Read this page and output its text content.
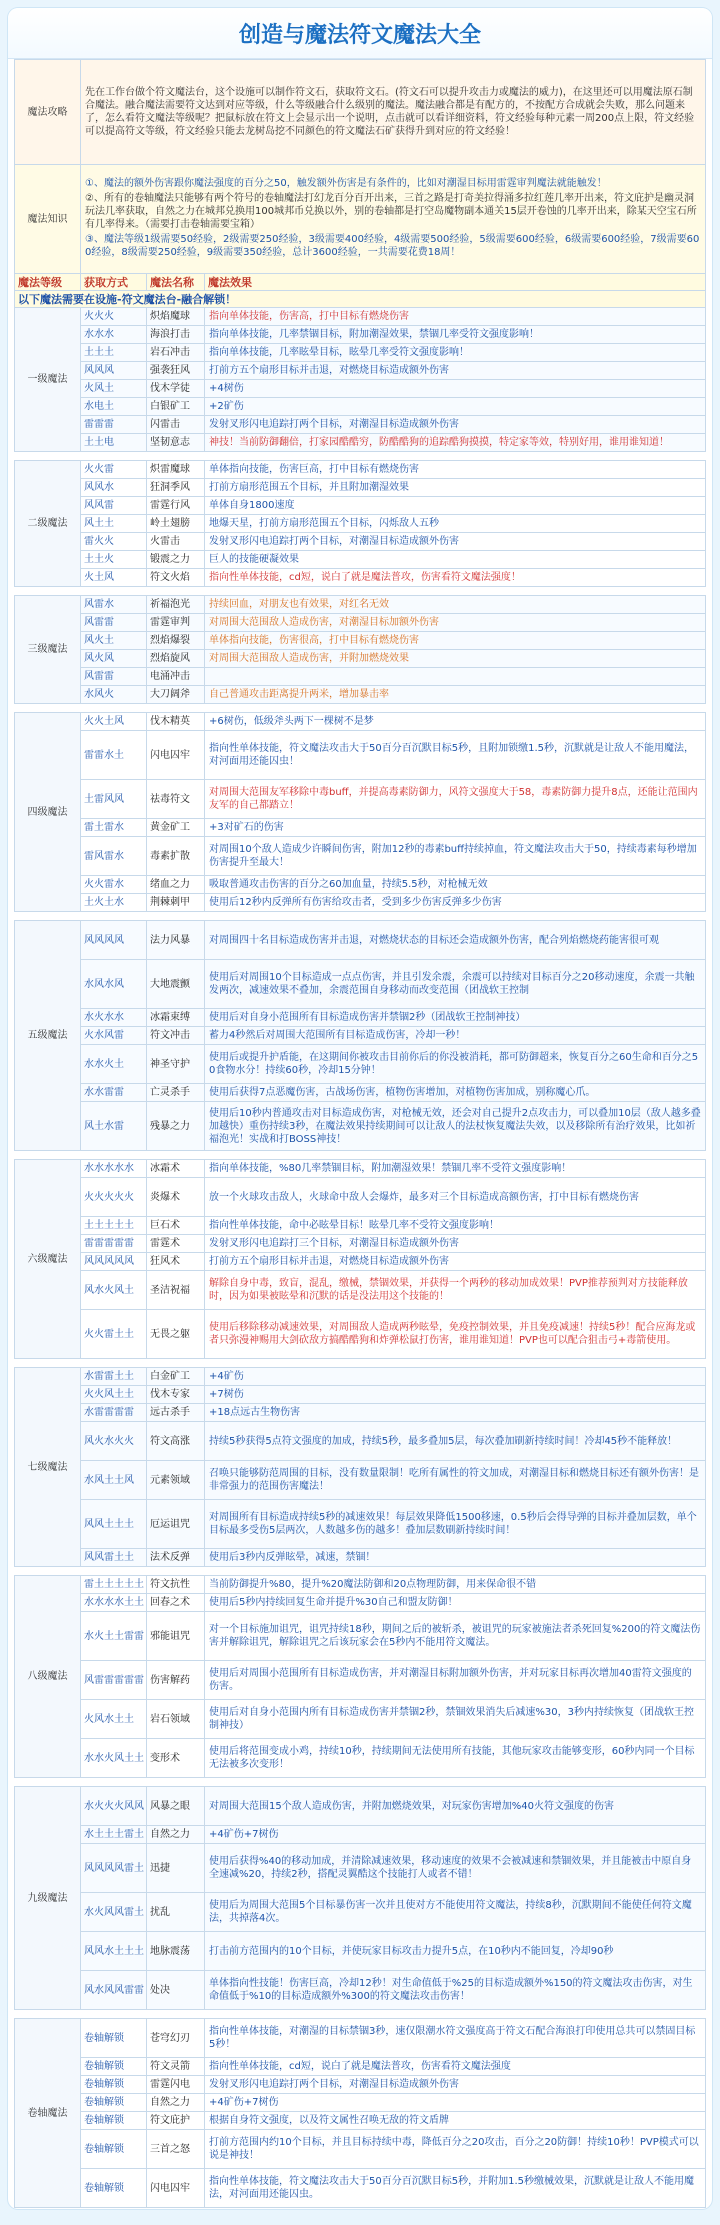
创造与魔法符文魔法大全
魔法攻略	先在工作台做个符文魔法台，这个设施可以制作符文石，获取符文石。(符文石可以提升攻击力或魔法的威力)，在这里还可以用魔法原石制合魔法。融合魔法需要符文达到对应等级，什么等级融合什么级别的魔法。魔法融合都是有配方的，不按配方合成就会失败，那么问题来了，怎么看符文魔法等级呢？把鼠标放在符文上会显示出一个说明，点击就可以看详细资料，符文经验每种元素一周200点上限，符文经验可以提高符文等级，符文经验只能去龙树岛挖不同颜色的符文魔法石矿获得升到对应的符文经验！		
魔法知识	①、魔法的额外伤害跟你魔法强度的百分之50，触发额外伤害是有条件的，比如对潮湿目标用雷霆审判魔法就能触发！
②、所有的卷轴魔法只能够有两个符号的卷轴魔法打幻龙百分百开出来，三首之路是打奇美拉得涌多拉红莲几率开出来，符文庇护是幽灵洞玩法几率获取，自然之力在城邦兑换用100城邦币兑换以外，别的卷轴都是打空岛魔物副本通关15层开卷蚀的几率开出来，除某天空宝石所有几率得来。（需要打击卷轴需要宝箱）
③、魔法等级1级需要50经验，2级需要250经验，3级需要400经验，4级需要500经验，5级需要600经验，6级需要600经验，7级需要600经验，8级需要250经验，9级需要350经验，总计3600经验，一共需要花费18周！		

魔法等级	获取方式	魔法名称	魔法效果
以下魔法需要在设施-符文魔法台-融合解锁！			
一级魔法	火火火	炽焰魔球	指向单体技能，伤害高，打中目标有燃烧伤害
	水水水	海浪打击	指向单体技能，几率禁锢目标，附加潮湿效果，禁锢几率受符文强度影响！
	土土土	岩石冲击	指向单体技能，几率眩晕目标，眩晕几率受符文强度影响！
	风风风	强袭狂风	打前方五个扇形目标并击退，对燃烧目标造成额外伤害
	火风土	伐木学徒	+4树伤
	水电土	白银矿工	+2矿伤
	雷雷雷	闪雷击	发射叉形闪电追踪打两个目标，对潮湿目标造成额外伤害
	土土电	坚韧意志	神技！当前防御翻倍，打家园酷酷穷，防酷酷狗的追踪酷狗摸摸，特定家等效，特别好用，谁用谁知道！

二级魔法	火火雷	炽雷魔球	单体指向技能，伤害巨高，打中目标有燃烧伤害
	风风水	狂洞季风	打前方扇形范围五个目标，并且附加潮湿效果
	风风雷	雷霆行风	单体自身1800速度
	风土土	岭土翅膀	地爆天星，打前方扇形范围五个目标，闪烁敌人五秒
	雷火火	火雷击	发射叉形闪电追踪打两个目标，对潮湿目标造成额外伤害
	土土火	锻震之力	巨人的技能硬凝效果
	火土风	符文火焰	指向性单体技能，cd短，说白了就是魔法普攻，伤害看符文魔法强度！

三级魔法	风雷水	祈福泡光	持续回血，对朋友也有效果，对红名无效
	风雷雷	雷霆审判	对周围大范围敌人造成伤害，对潮湿目标加额外伤害
	风火土	烈焰爆裂	单体指向技能，伤害很高，打中目标有燃烧伤害
	风火风	烈焰旋风	对周围大范围敌人造成伤害，并附加燃烧效果
	风雷雷	电涌冲击	
	水风火	大刀阔斧	自己普通攻击距离提升两米，增加暴击率

四级魔法	火火土风	伐木精英	+6树伤，低级斧头两下一棵树不是梦
	雷雷水土	闪电囚牢	指向性单体技能，符文魔法攻击大于50百分百沉默目标5秒，且附加锁缴1.5秒，沉默就是让敌人不能用魔法，对河面用还能囚虫！
	土雷风风	祛毒符文	对周围大范围友军移除中毒buff，并提高毒素防御力，风符文强度大于58，毒素防御力提升8点，还能让范围内友军的自己都踏立！
	雷土雷水	黄金矿工	+3对矿石的伤害
	雷风雷水	毒素扩散	对周围10个敌人造成少许瞬间伤害，附加12秒的毒素buff持续掉血，符文魔法攻击大于50，持续毒素每秒增加伤害提升至最大！
	火火雷水	绪血之力	吸取普通攻击伤害的百分之60加血量，持续5.5秒，对枪械无效
	土火土水	荆棘刺甲	使用后12秒内反弹所有伤害给攻击者，受到多少伤害反弹多少伤害

五级魔法	风风风风	法力风暴	对周围四十名目标造成伤害并击退，对燃烧状态的目标还会造成额外伤害，配合列焰燃烧药能害很可观
	水风水风	大地震颤	使用后对周围10个目标造成一点点伤害，并且引发余震，余震可以持续对目标百分之20移动速度，余震一共触发两次，减速效果不叠加，余震范围自身移动而改变范围（团战软王控制
	水火水水	冰霜束缚	使用后对自身小范围所有目标造成伤害并禁锢2秒（团战软王控制神技）
	火水风雷	符文冲击	蓄力4秒然后对周围大范围所有目标造成伤害，冷却一秒！
	水水火土	神圣守护	使用后或提升护盾能，在这期间你被攻击目前你后的你没被消耗，都可防御超来，恢复百分之60生命和百分之50食物水分！持续60秒，冷却15分钟！
	水水雷雷	亡灵杀手	使用后获得7点恶魔伤害，古战场伤害，植物伤害增加，对植物伤害加成，别称魔心爪。
	风土水雷	残暴之力	使用后10秒内普通攻击对目标造成伤害，对枪械无效，还会对自己提升2点攻击力，可以叠加10层（敌人越多叠加越快）重伤持续3秒，在魔法效果持续期间可以让敌人的法杖恢复魔法失效，以及移除所有治疗效果，比如祈福泡光！实战和打BOSS神技！

六级魔法	水水水水水	冰霜术	指向单体技能，%80几率禁锢目标，附加潮湿效果！禁锢几率不受符文强度影响！
	火火火火火	炎爆术	放一个火球攻击敌人，火球命中敌人会爆炸，最多对三个目标造成高额伤害，打中目标有燃烧伤害
	土土土土土	巨石术	指向性单体技能，命中必眩晕目标！眩晕几率不受符文强度影响！
	雷雷雷雷雷	雷霆术	发射叉形闪电追踪打三个目标，对潮湿目标造成额外伤害
	风风风风风	狂风术	打前方五个扇形目标并击退，对燃烧目标造成额外伤害
	风水火风土	圣洁祝福	解除自身中毒，致盲，混乱，缴械，禁锢效果，并获得一个两秒的移动加成效果！PVP推荐预判对方技能释放时，因为如果被眩晕和沉默的话是没法用这个技能的！
	火火雷土土	无畏之躯	使用后移除移动减速效果，对周围敌人造成两秒眩晕，免疫控制效果，并且免疫减速！持续5秒！配合应海龙或者只弥漫神赐用大剑砍敌方搞酷酷狗和炸弹松鼠打伤害，谁用谁知道！PVP也可以配合狙击弓+毒箭使用。

七级魔法	水雷雷土土	白金矿工	+4矿伤
	火火风土土	伐木专家	+7树伤
	水雷雷雷雷	远古杀手	+18点远古生物伤害
	风火水火火	符文高涨	持续5秒获得5点符文强度的加成，持续5秒，最多叠加5层，每次叠加刷新持续时间！冷却45秒不能释放！
	水风土土风	元素领域	召唤只能够防范周围的目标，没有数量限制！吃所有属性的符文加成，对潮湿目标和燃烧目标还有额外伤害！是非常强力的范围伤害魔法！
	风风土土土	厄运诅咒	对周围所有目标造成持续5秒的减速效果！每层效果降低1500移速，0.5秒后会得导弹的目标并叠加层数，单个目标最多受伤5层两次，人数越多伤的越多！叠加层数刷新持续时间！
	风风雷土土	法术反弹	使用后3秒内反弹眩晕，减速，禁锢！

八级魔法	雷土土土土土	符文抗性	当前防御提升%80，提升%20魔法防御和20点物理防御，用来保命很不错
	水水水水土土	回春之术	使用后5秒内持续回复生命并提升%30自己和盟友防御！
	水火土土雷雷	邪能诅咒	对一个目标施加诅咒，诅咒持续18秒，期间之后的被斩杀，被诅咒的玩家被施法者杀死回复%200的符文魔法伤害并解除诅咒，解除诅咒之后该玩家会在5秒内不能用符文魔法。
	风雷雷雷雷雷	伤害解药	使用后对周围小范围所有目标造成伤害，并对潮湿目标附加额外伤害，并对玩家目标再次增加40雷符文强度的伤害。
	火风水土土	岩石领域	使用后对自身小范围内所有目标造成伤害并禁锢2秒，禁锢效果消失后减速%30，3秒内持续恢复（团战软王控制神技）
	水水火风土土	变形术	使用后将范围变成小鸡，持续10秒，持续期间无法使用所有技能，其他玩家攻击能够变形，60秒内同一个目标无法被多次变形！

九级魔法	水火火火风风	风暴之眼	对周围大范围15个敌人造成伤害，并附加燃烧效果，对玩家伤害增加%40火符文强度的伤害
	水土土土雷土	自然之力	+4矿伤+7树伤
	风风风风雷土	迅捷	使用后获得%40的移动加成，并清除减速效果，移动速度的效果不会被减速和禁锢效果，并且能被击中原自身全速减%20，持续2秒，搭配灵翼酷这个技能打人或者不错！
	水火风风雷土	扰乱	使用后为周围大范围5个目标暴伤害一次并且使对方不能使用符文魔法，持续8秒，沉默期间不能使任何符文魔法，共掉落4次。
	风风水土土土	地脉震荡	打击前方范围内的10个目标，并使玩家目标攻击力提升5点，在10秒内不能回复，冷却90秒
	风水风风雷雷	处决	单体指向性技能！伤害巨高，冷却12秒！对生命值低于%25的目标造成额外%150的符文魔法攻击伤害，对生命值低于%10的目标造成额外%300的符文魔法攻击伤害！

卷轴魔法	卷轴解锁	苍穹幻刃	指向性单体技能，对潮湿的目标禁锢3秒，速仅限潮水符文强度高于符文石配合海浪打印使用总共可以禁固目标5秒！
	卷轴解锁	符文灵箭	指向性单体技能，cd短，说白了就是魔法普攻，伤害看符文魔法强度
	卷轴解锁	雷霆闪电	发射叉形闪电追踪打两个目标，对潮湿目标造成额外伤害
	卷轴解锁	自然之力	+4矿伤+7树伤
	卷轴解锁	符文庇护	根据自身符文强度，以及符文属性召唤无敌的符文盾牌
	卷轴解锁	三首之怒	打前方范围内约10个目标，并且目标持续中毒，降低百分之20攻击，百分之20防御！持续10秒！PVP模式可以说是神技！
	卷轴解锁	闪电囚牢	指向性单体技能，符文魔法攻击大于50百分百沉默目标5秒，并附加1.5秒缴械效果，沉默就是让敌人不能用魔法，对河面用还能囚虫。
